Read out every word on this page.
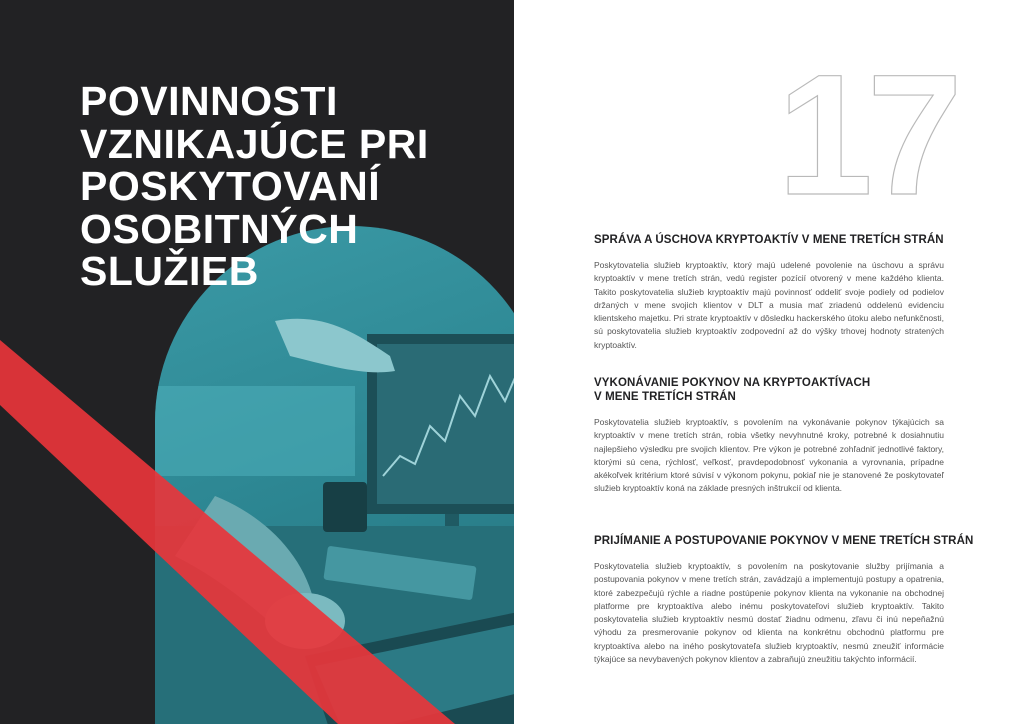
POVINNOSTI
VZNIKAJÚCE PRI
POSKYTOVANÍ
OSOBITNÝCH
SLUŽIEB
17
SPRÁVA A ÚSCHOVA KRYPTOAKTÍV V MENE TRETÍCH STRÁN

Poskytovatelia služieb kryptoaktív, ktorý majú udelené povolenie na úschovu a správu kryptoaktív v mene tretích strán, vedú register pozícií otvorený v mene každého klienta. Takito poskytovatelia služieb kryptoaktív majú povinnosť oddeliť svoje podiely od podielov držaných v mene svojich klientov v DLT a musia mať zriadenú oddelenú evidenciu klientskeho majetku. Pri strate kryptoaktív v dôsledku hackerského útoku alebo nefunkčnosti, sú poskytovatelia služieb kryptoaktív zodpovední až do výšky trhovej hodnoty stratených kryptoaktív.

VYKONÁVANIE POKYNOV NA KRYPTOAKTÍVACH
V MENE TRETÍCH STRÁN

Poskytovatelia služieb kryptoaktív, s povolením na vykonávanie pokynov týkajúcich sa kryptoaktív v mene tretích strán, robia všetky nevyhnutné kroky, potrebné k dosiahnutiu najlepšieho výsledku pre svojich klientov. Pre výkon je potrebné zohľadniť jednotlivé faktory, ktorými sú cena, rýchlosť, veľkosť, pravdepodobnosť vykonania a vyrovnania, prípadne akékoľvek kritérium ktoré súvisí v výkonom pokynu, pokiaľ nie je stanovené že poskytovateľ služieb kryptoaktív koná na základe presných inštrukcií od klienta.

PRIJÍMANIE A POSTUPOVANIE POKYNOV V MENE TRETÍCH STRÁN

Poskytovatelia služieb kryptoaktív, s povolením na poskytovanie služby prijímania a postupovania pokynov v mene tretích strán, zavádzajú a implementujú postupy a opatrenia, ktoré zabezpečujú rýchle a riadne postúpenie pokynov klienta na vykonanie na obchodnej platforme pre kryptoaktíva alebo inému poskytovateľovi služieb kryptoaktív. Takito poskytovatelia služieb kryptoaktív nesmú dostať žiadnu odmenu, zľavu či inú nepeňažnú výhodu za presmerovanie pokynov od klienta na konkrétnu obchodnú platformu pre kryptoaktíva alebo na iného poskytovateľa služieb kryptoaktív, nesmú zneužiť informácie týkajúce sa nevybavených pokynov klientov a zabraňujú zneužitiu takýchto informácií.
